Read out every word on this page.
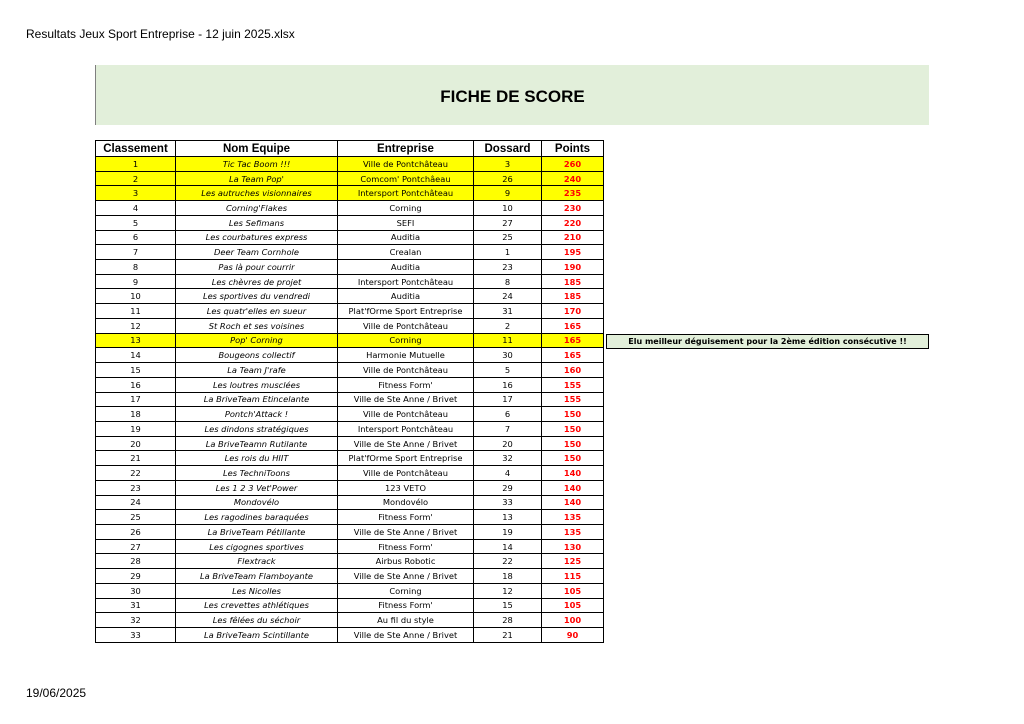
Resultats Jeux Sport Entreprise - 12 juin 2025.xlsx
FICHE DE SCORE
Classement	Nom Equipe	Entreprise	Dossard	Points
1	Tic Tac Boom !!!	Ville de Pontchâteau	3	260
2	La Team Pop'	Comcom' Pontchâeau	26	240
3	Les autruches visionnaires	Intersport Pontchâteau	9	235
4	Corning'Flakes	Corning	10	230
5	Les Sefimans	SEFI	27	220
6	Les courbatures express	Auditia	25	210
7	Deer Team Cornhole	Crealan	1	195
8	Pas là pour courrir	Auditia	23	190
9	Les chèvres de projet	Intersport Pontchâteau	8	185
10	Les sportives du vendredi	Auditia	24	185
11	Les quatr'elles en sueur	Plat'fOrme Sport Entreprise	31	170
12	St Roch et ses voisines	Ville de Pontchâteau	2	165
13	Pop' Corning	Corning	11	165
14	Bougeons collectif	Harmonie Mutuelle	30	165
15	La Team J'rafe	Ville de Pontchâteau	5	160
16	Les loutres musclées	Fitness Form'	16	155
17	La BriveTeam Etincelante	Ville de Ste Anne / Brivet	17	155
18	Pontch'Attack !	Ville de Pontchâteau	6	150
19	Les dindons stratégiques	Intersport Pontchâteau	7	150
20	La BriveTeamn Rutilante	Ville de Ste Anne / Brivet	20	150
21	Les rois du HIIT	Plat'fOrme Sport Entreprise	32	150
22	Les TechniToons	Ville de Pontchâteau	4	140
23	Les 1 2 3 Vet'Power	123 VETO	29	140
24	Mondovélo	Mondovélo	33	140
25	Les ragodines baraquées	Fitness Form'	13	135
26	La BriveTeam Pétillante	Ville de Ste Anne / Brivet	19	135
27	Les cigognes sportives	Fitness Form'	14	130
28	Flextrack	Airbus Robotic	22	125
29	La BriveTeam Flamboyante	Ville de Ste Anne / Brivet	18	115
30	Les Nicolles	Corning	12	105
31	Les crevettes athlétiques	Fitness Form'	15	105
32	Les fêlées du séchoir	Au fil du style	28	100
33	La BriveTeam Scintillante	Ville de Ste Anne / Brivet	21	90
Elu meilleur déguisement pour la 2ème édition consécutive !!
19/06/2025
